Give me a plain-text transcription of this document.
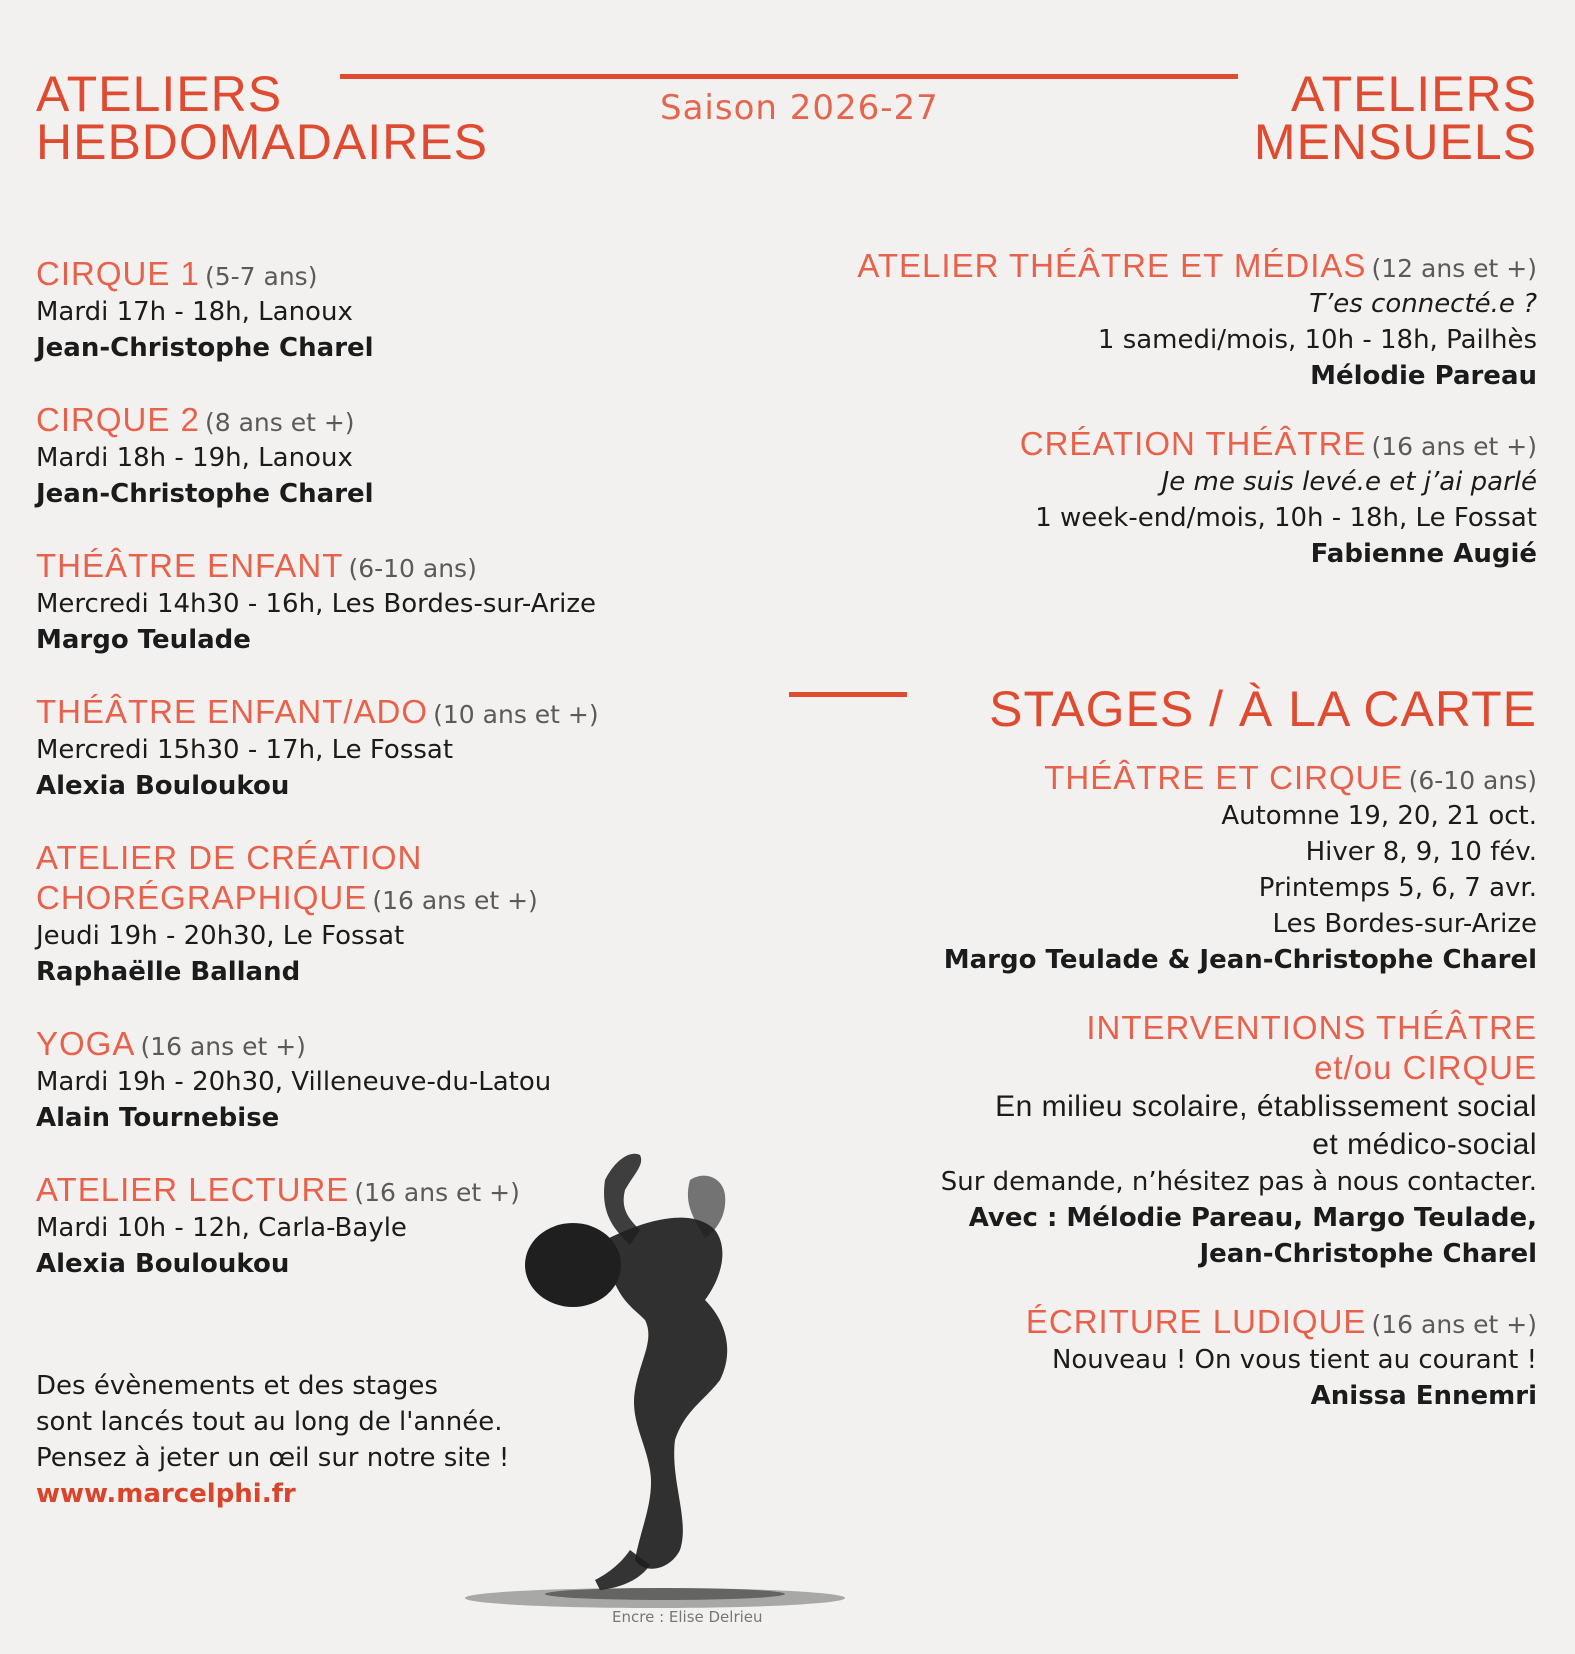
ATELIERS
HEBDOMADAIRES
Saison 2026-27	ATELIERS
MENSUELS
CIRQUE 1 (5-7 ans)
Mardi 17h - 18h, Lanoux
Jean-Christophe Charel
CIRQUE 2 (8 ans et +)
Mardi 18h - 19h, Lanoux
Jean-Christophe Charel
THÉÂTRE ENFANT (6-10 ans)
Mercredi 14h30 - 16h, Les Bordes-sur-Arize
Margo Teulade
THÉÂTRE ENFANT/ADO (10 ans et +)
Mercredi 15h30 - 17h, Le Fossat
Alexia Bouloukou
ATELIER DE CRÉATION
CHORÉGRAPHIQUE (16 ans et +)
Jeudi 19h - 20h30, Le Fossat
Raphaëlle Balland
YOGA (16 ans et +)
Mardi 19h - 20h30, Villeneuve-du-Latou
Alain Tournebise
ATELIER LECTURE (16 ans et +)
Mardi 10h - 12h, Carla-Bayle
Alexia Bouloukou
ATELIER THÉÂTRE ET MÉDIAS (12 ans et +)
T’es connecté.e ?
1 samedi/mois, 10h - 18h, Pailhès
Mélodie Pareau
CRÉATION THÉÂTRE (16 ans et +)
Je me suis levé.e et j’ai parlé
1 week-end/mois, 10h - 18h, Le Fossat
Fabienne Augié
STAGES / À LA CARTE
THÉÂTRE ET CIRQUE (6-10 ans)
Automne 19, 20, 21 oct.
Hiver 8, 9, 10 fév.
Printemps 5, 6, 7 avr.
Les Bordes-sur-Arize
Margo Teulade & Jean-Christophe Charel
INTERVENTIONS THÉÂTRE
et/ou CIRQUE
En milieu scolaire, établissement social
et médico-social
Sur demande, n’hésitez pas à nous contacter.
Avec : Mélodie Pareau, Margo Teulade,
Jean-Christophe Charel
ÉCRITURE LUDIQUE (16 ans et +)
Nouveau ! On vous tient au courant !
Anissa Ennemri
Des évènements et des stages
sont lancés tout au long de l'année.
Pensez à jeter un œil sur notre site !
www.marcelphi.fr
Encre : Elise Delrieu
